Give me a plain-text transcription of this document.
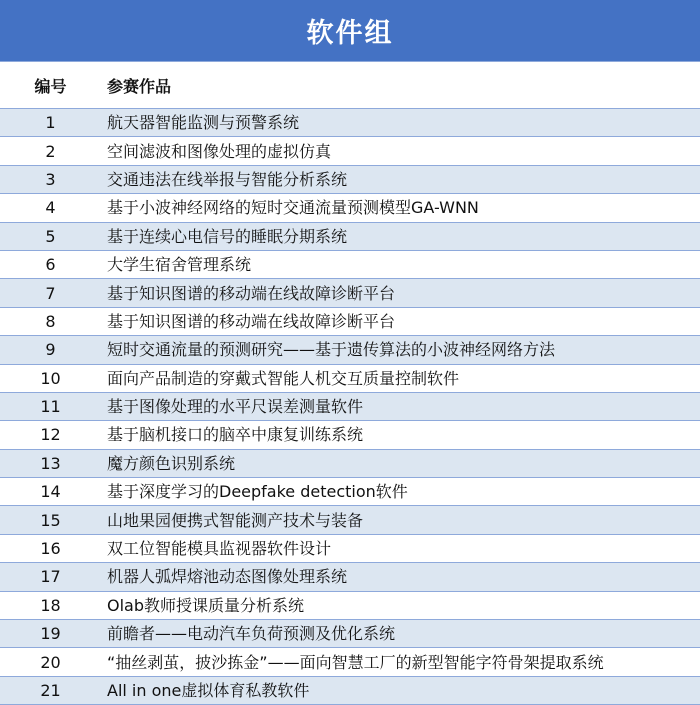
软件组
编号	参赛作品
1	航天器智能监测与预警系统
2	空间滤波和图像处理的虚拟仿真
3	交通违法在线举报与智能分析系统
4	基于小波神经网络的短时交通流量预测模型GA-WNN
5	基于连续心电信号的睡眠分期系统
6	大学生宿舍管理系统
7	基于知识图谱的移动端在线故障诊断平台
8	基于知识图谱的移动端在线故障诊断平台
9	短时交通流量的预测研究——基于遗传算法的小波神经网络方法
10	面向产品制造的穿戴式智能人机交互质量控制软件
11	基于图像处理的水平尺误差测量软件
12	基于脑机接口的脑卒中康复训练系统
13	魔方颜色识别系统
14	基于深度学习的Deepfake detection软件
15	山地果园便携式智能测产技术与装备
16	双工位智能模具监视器软件设计
17	机器人弧焊熔池动态图像处理系统
18	Olab教师授课质量分析系统
19	前瞻者——电动汽车负荷预测及优化系统
20	“抽丝剥茧，披沙拣金”——面向智慧工厂的新型智能字符骨架提取系统
21	All in one虚拟体育私教软件
